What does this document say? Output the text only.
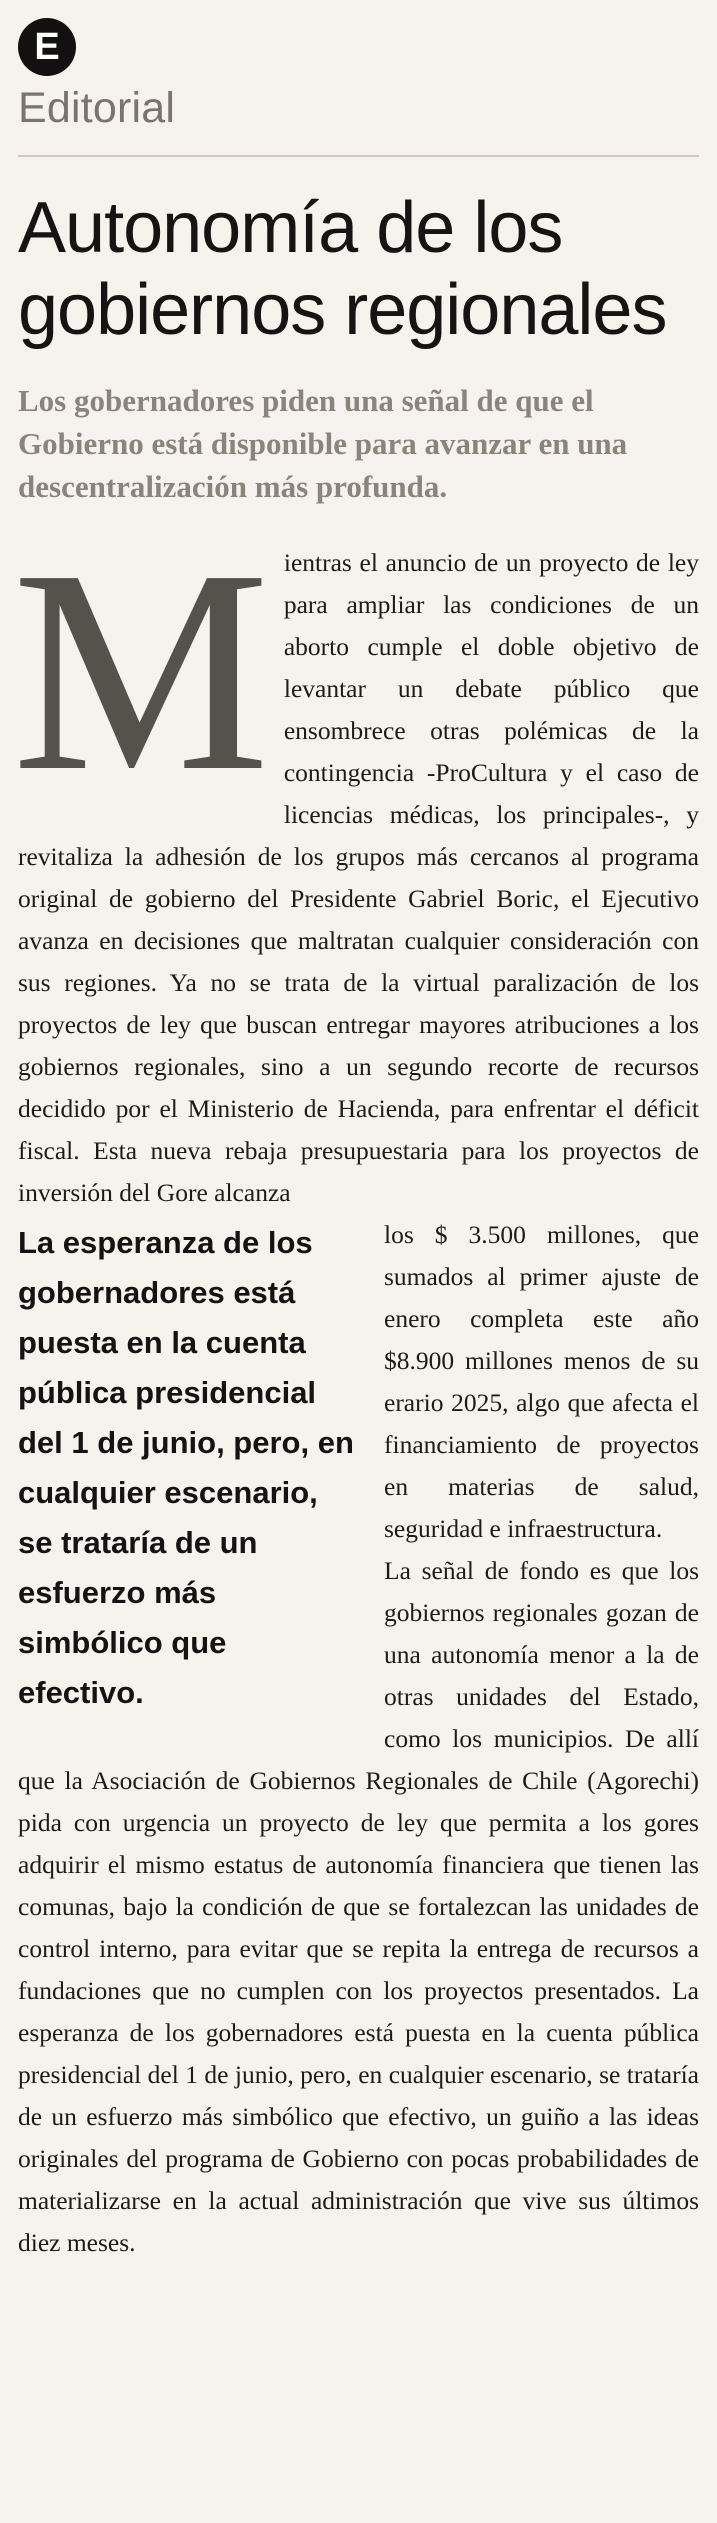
E
Editorial
Autonomía de los gobiernos regionales
Los gobernadores piden una señal de que el Gobierno está disponible para avanzar en una descentralización más profunda.

M ientras el anuncio de un proyecto de ley para ampliar las condiciones de un aborto cumple el doble objetivo de levantar un debate público que ensombrece otras polémicas de la contingencia -ProCultura y el caso de licencias médicas, los principales-, y revitaliza la adhesión de los grupos más cercanos al programa original de gobierno del Presidente Gabriel Boric, el Ejecutivo avanza en decisiones que maltratan cualquier consideración con sus regiones. Ya no se trata de la virtual paralización de los proyectos de ley que buscan entregar mayores atribuciones a los gobiernos regionales, sino a un segundo recorte de recursos decidido por el Ministerio de Hacienda, para enfrentar el déficit fiscal. Esta nueva rebaja presupuestaria para los proyectos de inversión del Gore alcanza

La esperanza de los gobernadores está puesta en la cuenta pública presidencial del 1 de junio, pero, en cualquier escenario, se trataría de un esfuerzo más simbólico que efectivo.
los $ 3.500 millones, que sumados al primer ajuste de enero completa este año $8.900 millones menos de su erario 2025, algo que afecta el financiamiento de proyectos en materias de salud, seguridad e infraestructura.

La señal de fondo es que los gobiernos regionales gozan de una autonomía menor a la de otras unidades del Estado, como los municipios. De allí que la Asociación de Gobiernos Regionales de Chile (Agorechi) pida con urgencia un proyecto de ley que permita a los gores adquirir el mismo estatus de autonomía financiera que tienen las comunas, bajo la condición de que se fortalezcan las unidades de control interno, para evitar que se repita la entrega de recursos a fundaciones que no cumplen con los proyectos presentados. La esperanza de los gobernadores está puesta en la cuenta pública presidencial del 1 de junio, pero, en cualquier escenario, se trataría de un esfuerzo más simbólico que efectivo, un guiño a las ideas originales del programa de Gobierno con pocas probabilidades de materializarse en la actual administración que vive sus últimos diez meses.
